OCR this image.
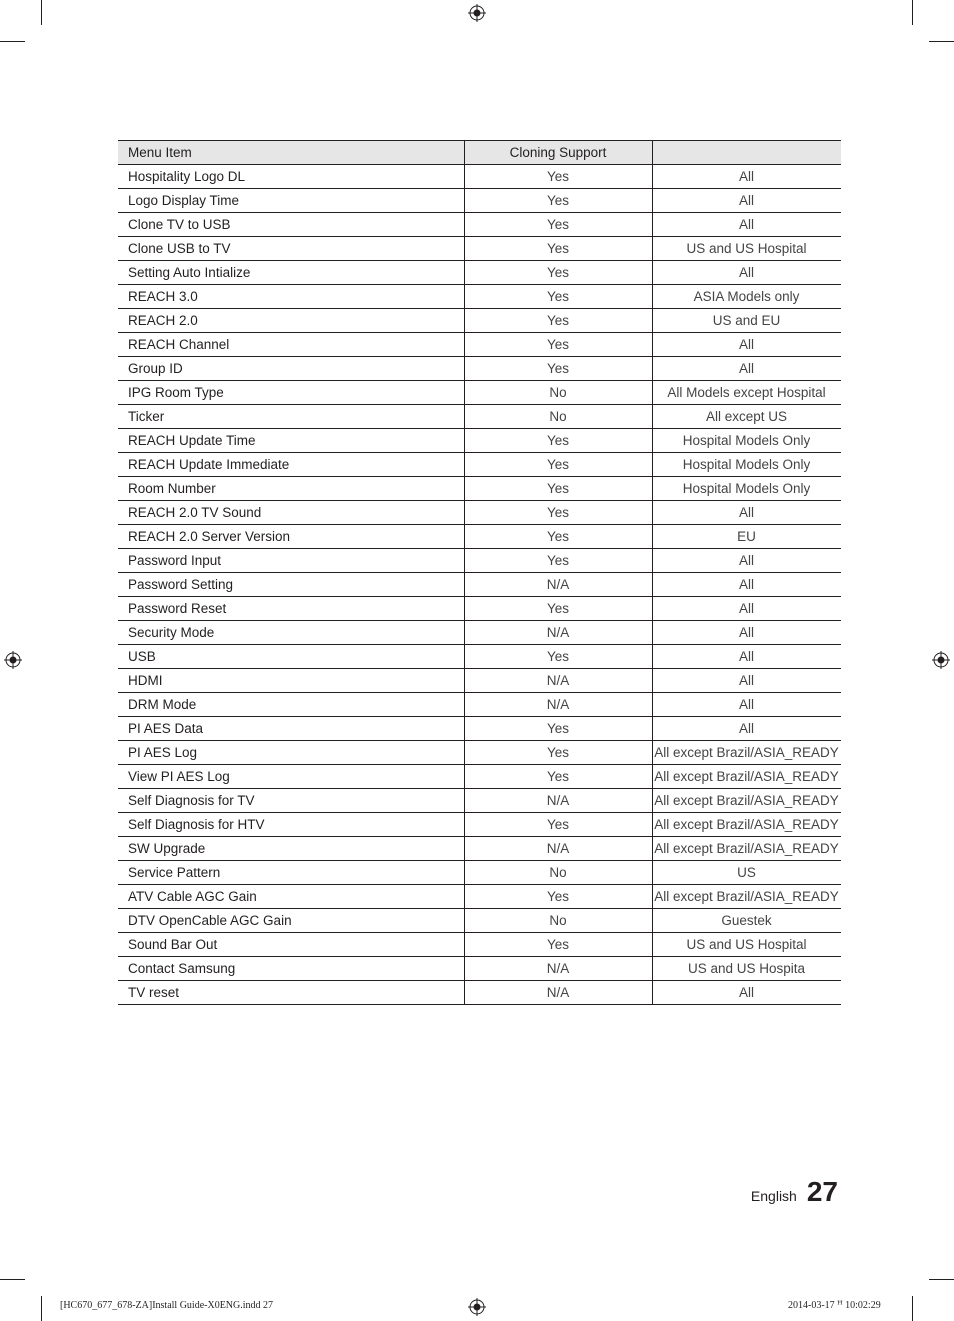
Menu Item	Cloning Support	
Hospitality Logo DL	Yes	All
Logo Display Time	Yes	All
Clone TV to USB	Yes	All
Clone USB to TV	Yes	US and US Hospital
Setting Auto Intialize	Yes	All
REACH 3.0	Yes	ASIA Models only
REACH 2.0	Yes	US and EU
REACH Channel	Yes	All
Group ID	Yes	All
IPG Room Type	No	All Models except Hospital
Ticker	No	All except US
REACH Update Time	Yes	Hospital Models Only
REACH Update Immediate	Yes	Hospital Models Only
Room Number	Yes	Hospital Models Only
REACH 2.0 TV Sound	Yes	All
REACH 2.0 Server Version	Yes	EU
Password Input	Yes	All
Password Setting	N/A	All
Password Reset	Yes	All
Security Mode	N/A	All
USB	Yes	All
HDMI	N/A	All
DRM Mode	N/A	All
PI AES Data	Yes	All
PI AES Log	Yes	All except Brazil/ASIA_READY
View PI AES Log	Yes	All except Brazil/ASIA_READY
Self Diagnosis for TV	N/A	All except Brazil/ASIA_READY
Self Diagnosis for HTV	Yes	All except Brazil/ASIA_READY
SW Upgrade	N/A	All except Brazil/ASIA_READY
Service Pattern	No	US
ATV Cable AGC Gain	Yes	All except Brazil/ASIA_READY
DTV OpenCable AGC Gain	No	Guestek
Sound Bar Out	Yes	US and US Hospital
Contact Samsung	N/A	US and US Hospita
TV reset	N/A	All
English 27
[HC670_677_678-ZA]Install Guide-X0ENG.indd 27	2014-03-17 ꟸ 10:02:29
